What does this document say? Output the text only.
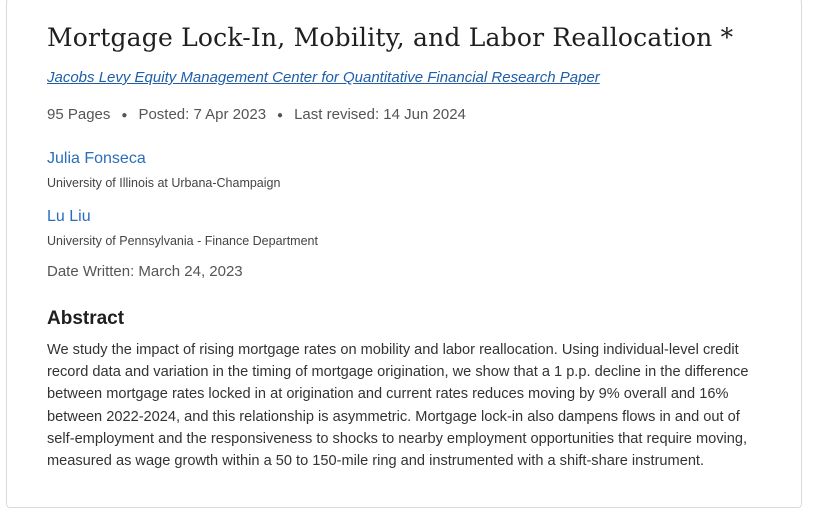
Mortgage Lock-In, Mobility, and Labor Reallocation *
Jacobs Levy Equity Management Center for Quantitative Financial Research Paper
95 Pages ● Posted: 7 Apr 2023 ● Last revised: 14 Jun 2024
Julia Fonseca
University of Illinois at Urbana-Champaign
Lu Liu
University of Pennsylvania - Finance Department
Date Written: March 24, 2023
Abstract
We study the impact of rising mortgage rates on mobility and labor reallocation. Using individual-level credit record data and variation in the timing of mortgage origination, we show that a 1 p.p. decline in the difference between mortgage rates locked in at origination and current rates reduces moving by 9% overall and 16% between 2022-2024, and this relationship is asymmetric. Mortgage lock-in also dampens flows in and out of self-employment and the responsiveness to shocks to nearby employment opportunities that require moving, measured as wage growth within a 50 to 150-mile ring and instrumented with a shift-share instrument.
